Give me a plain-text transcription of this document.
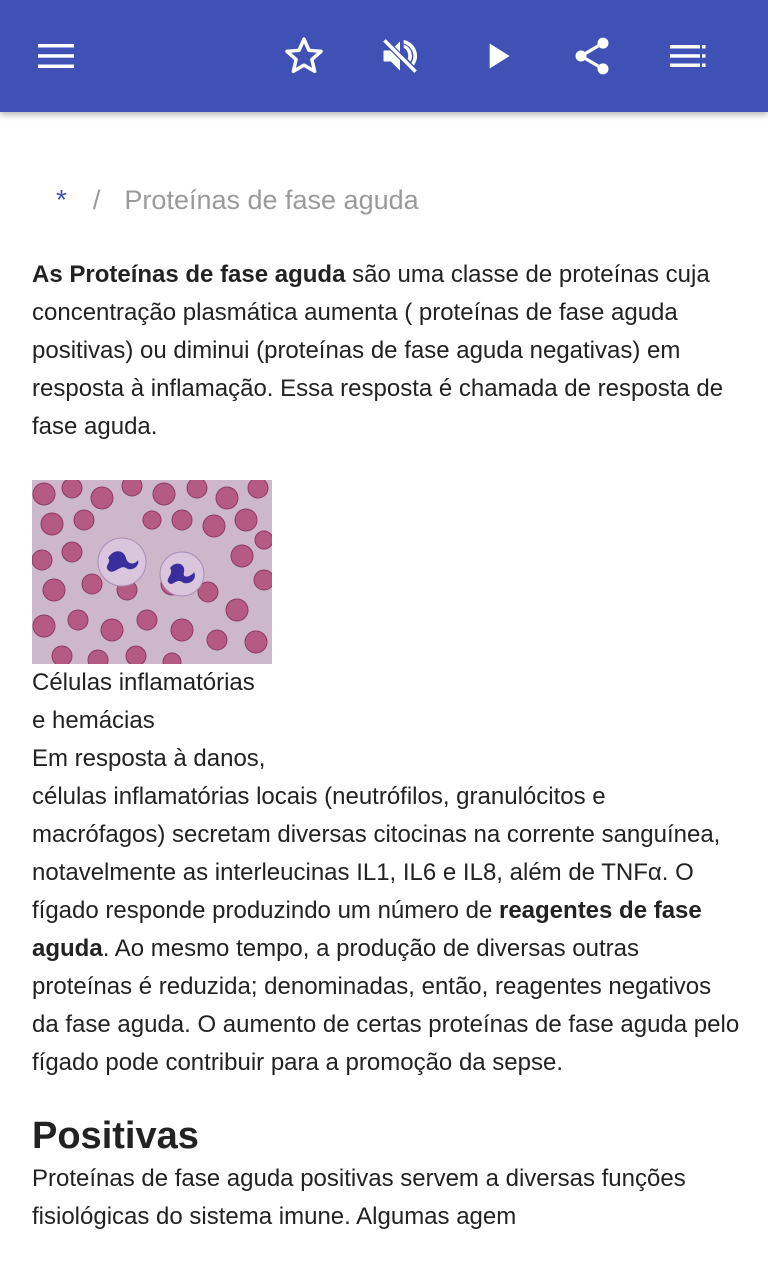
* / Proteínas de fase aguda

As Proteínas de fase aguda são uma classe de proteínas cuja concentração plasmática aumenta ( proteínas de fase aguda positivas) ou diminui (proteínas de fase aguda negativas) em resposta à inflamação. Essa resposta é chamada de resposta de fase aguda.

Células inflamatórias

e hemácias

Em resposta à danos,

células inflamatórias locais (neutrófilos, granulócitos e macrófagos) secretam diversas citocinas na corrente sanguínea, notavelmente as interleucinas IL1, IL6 e IL8, além de TNFα. O fígado responde produzindo um número de reagentes de fase aguda. Ao mesmo tempo, a produção de diversas outras proteínas é reduzida; denominadas, então, reagentes negativos da fase aguda. O aumento de certas proteínas de fase aguda pelo fígado pode contribuir para a promoção da sepse.

Positivas

Proteínas de fase aguda positivas servem a diversas funções fisiológicas do sistema imune. Algumas agem
